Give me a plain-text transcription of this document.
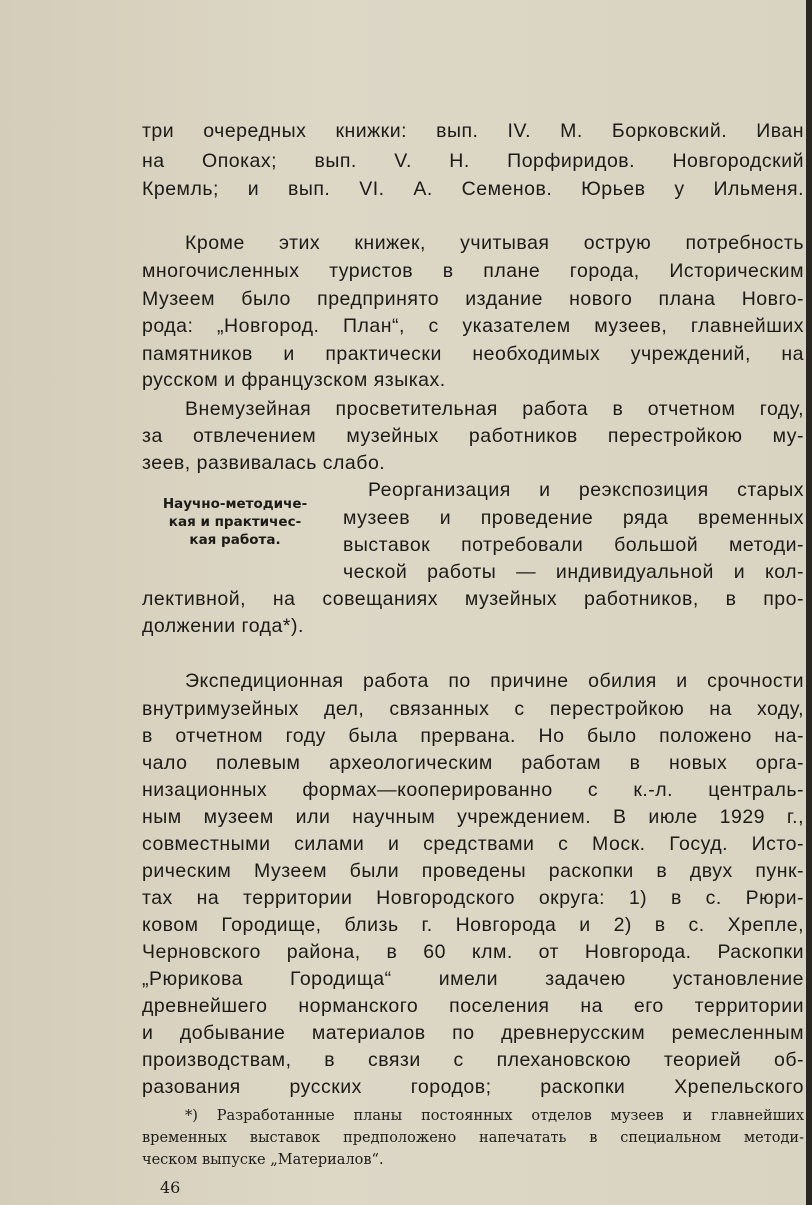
три очередных книжки: вып. IV. М. Борковский. Иван
на Опоках; вып. V. Н. Порфиридов. Новгородский
Кремль; и вып. VI. А. Семенов. Юрьев у Ильменя.
Кроме этих книжек, учитывая острую потребность
многочисленных туристов в плане города, Историческим
Музеем было предпринято издание нового плана Новго-
рода: „Новгород. План“, с указателем музеев, главнейших
памятников и практически необходимых учреждений, на
русском и французском языках.
Внемузейная просветительная работа в отчетном году,
за отвлечением музейных работников перестройкою му-
зеев, развивалась слабо.
Научно-методиче-
кая и практичес-
кая работа.
Реорганизация и реэкспозиция старых
музеев и проведение ряда временных
выставок потребовали большой методи-
ческой работы — индивидуальной и кол-
лективной, на совещаниях музейных работников, в про-
должении года*).
Экспедиционная работа по причине обилия и срочности
внутримузейных дел, связанных с перестройкою на ходу,
в отчетном году была прервана. Но было положено на-
чало полевым археологическим работам в новых орга-
низационных формах—кооперированно с к.-л. централь-
ным музеем или научным учреждением. В июле 1929 г.,
совместными силами и средствами с Моск. Госуд. Исто-
рическим Музеем были проведены раскопки в двух пунк-
тах на территории Новгородского округа: 1) в с. Рюри-
ковом Городище, близь г. Новгорода и 2) в с. Хрепле,
Черновского района, в 60 клм. от Новгорода. Раскопки
„Рюрикова Городища“ имели задачею установление
древнейшего норманского поселения на его территории
и добывание материалов по древнерусским ремесленным
производствам, в связи с плехановскою теорией об-
разования русских городов; раскопки Хрепельского
*) Разработанные планы постоянных отделов музеев и главнейших
временных выставок предположено напечатать в специальном методи-
ческом выпуске „Материалов“.
46
